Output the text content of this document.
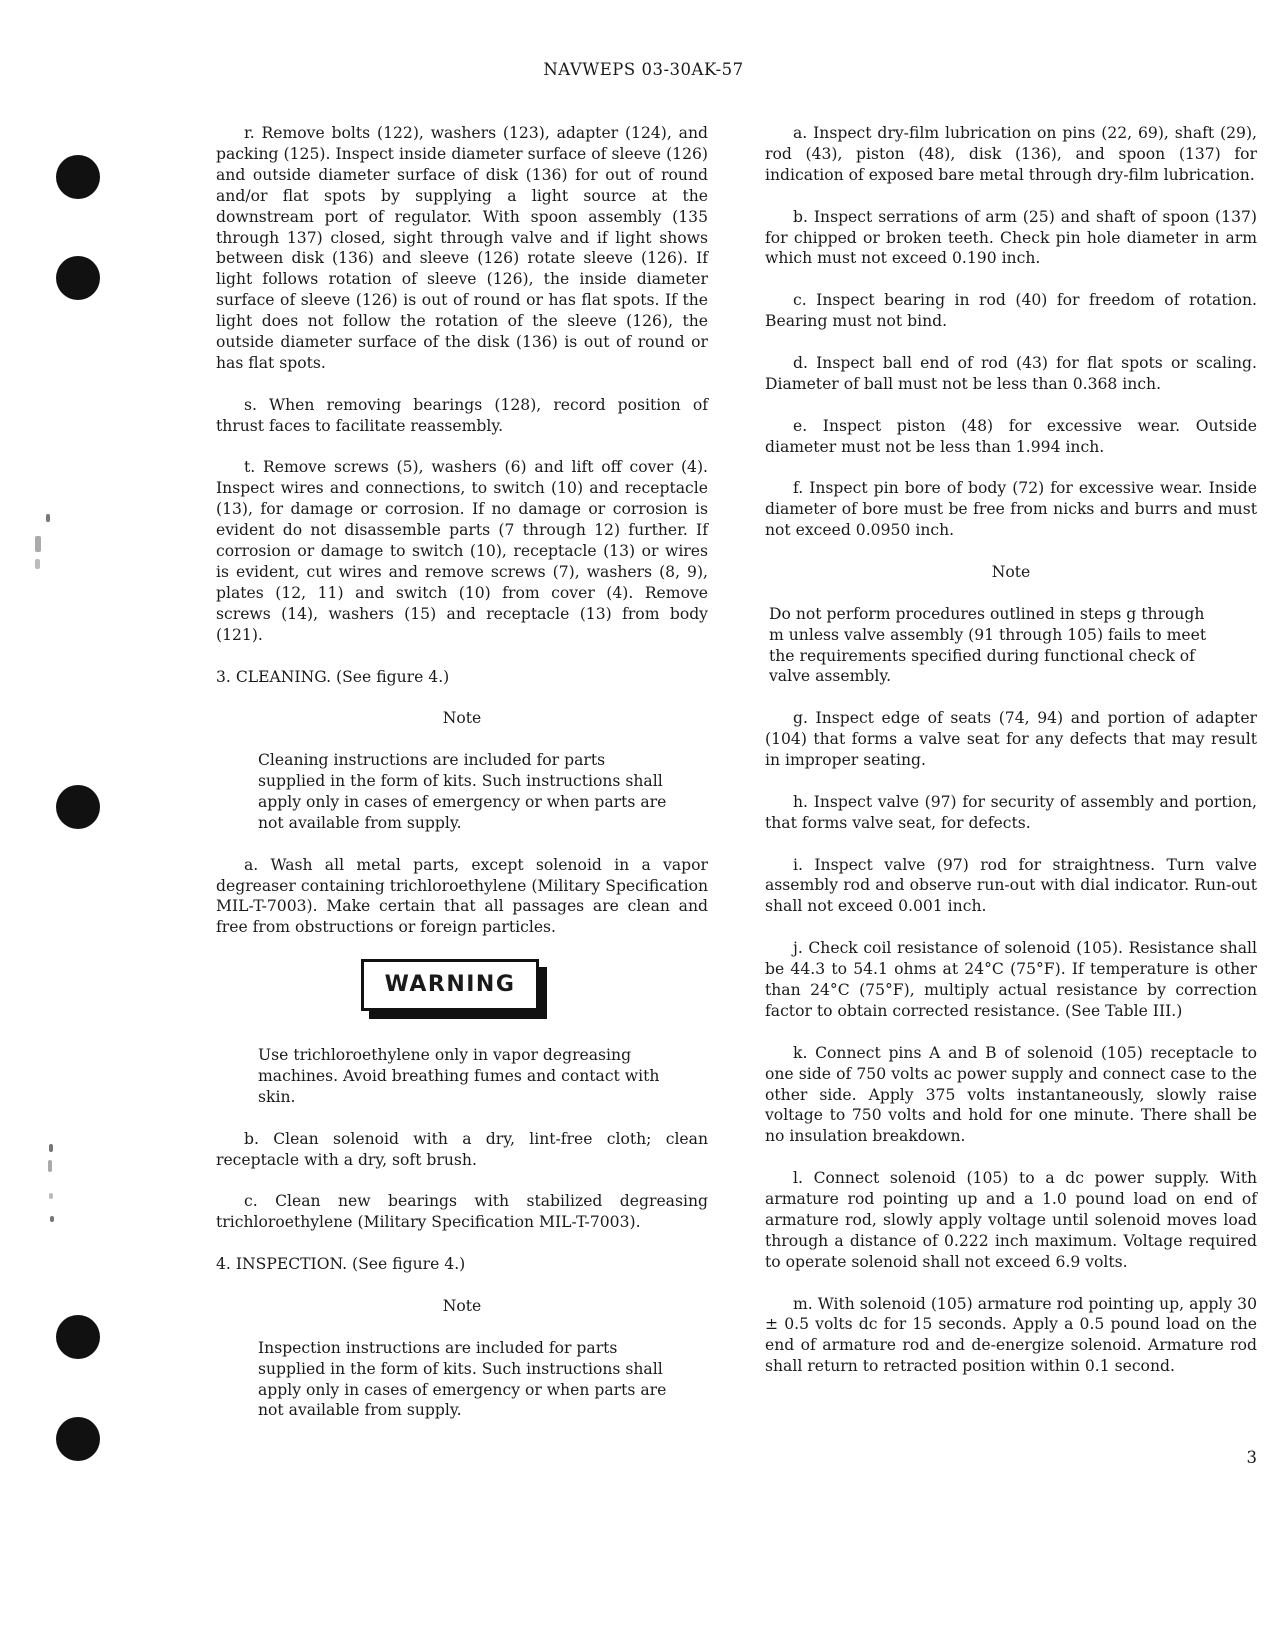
NAVWEPS 03-30AK-57

r. Remove bolts (122), washers (123), adapter (124), and packing (125). Inspect inside diameter surface of sleeve (126) and outside diameter surface of disk (136) for out of round and/or flat spots by supplying a light source at the downstream port of regulator. With spoon assembly (135 through 137) closed, sight through valve and if light shows between disk (136) and sleeve (126) rotate sleeve (126). If light follows rotation of sleeve (126), the inside diameter surface of sleeve (126) is out of round or has flat spots. If the light does not follow the rotation of the sleeve (126), the outside diameter surface of the disk (136) is out of round or has flat spots.

s. When removing bearings (128), record position of thrust faces to facilitate reassembly.

t. Remove screws (5), washers (6) and lift off cover (4). Inspect wires and connections, to switch (10) and receptacle (13), for damage or corrosion. If no damage or corrosion is evident do not disassemble parts (7 through 12) further. If corrosion or damage to switch (10), receptacle (13) or wires is evident, cut wires and remove screws (7), washers (8, 9), plates (12, 11) and switch (10) from cover (4). Remove screws (14), washers (15) and receptacle (13) from body (121).

3. CLEANING. (See figure 4.)

Note

Cleaning instructions are included for parts supplied in the form of kits. Such instructions shall apply only in cases of emergency or when parts are not available from supply.

a. Wash all metal parts, except solenoid in a vapor degreaser containing trichloroethylene (Military Specification MIL-T-7003). Make certain that all passages are clean and free from obstructions or foreign particles.

WARNING

Use trichloroethylene only in vapor degreasing machines. Avoid breathing fumes and contact with skin.

b. Clean solenoid with a dry, lint-free cloth; clean receptacle with a dry, soft brush.

c. Clean new bearings with stabilized degreasing trichloroethylene (Military Specification MIL-T-7003).

4. INSPECTION. (See figure 4.)

Note

Inspection instructions are included for parts supplied in the form of kits. Such instructions shall apply only in cases of emergency or when parts are not available from supply.

a. Inspect dry-film lubrication on pins (22, 69), shaft (29), rod (43), piston (48), disk (136), and spoon (137) for indication of exposed bare metal through dry-film lubrication.

b. Inspect serrations of arm (25) and shaft of spoon (137) for chipped or broken teeth. Check pin hole diameter in arm which must not exceed 0.190 inch.

c. Inspect bearing in rod (40) for freedom of rotation. Bearing must not bind.

d. Inspect ball end of rod (43) for flat spots or scaling. Diameter of ball must not be less than 0.368 inch.

e. Inspect piston (48) for excessive wear. Outside diameter must not be less than 1.994 inch.

f. Inspect pin bore of body (72) for excessive wear. Inside diameter of bore must be free from nicks and burrs and must not exceed 0.0950 inch.

Note

Do not perform procedures outlined in steps g through m unless valve assembly (91 through 105) fails to meet the requirements specified during functional check of valve assembly.

g. Inspect edge of seats (74, 94) and portion of adapter (104) that forms a valve seat for any defects that may result in improper seating.

h. Inspect valve (97) for security of assembly and portion, that forms valve seat, for defects.

i. Inspect valve (97) rod for straightness. Turn valve assembly rod and observe run-out with dial indicator. Run-out shall not exceed 0.001 inch.

j. Check coil resistance of solenoid (105). Resistance shall be 44.3 to 54.1 ohms at 24°C (75°F). If temperature is other than 24°C (75°F), multiply actual resistance by correction factor to obtain corrected resistance. (See Table III.)

k. Connect pins A and B of solenoid (105) receptacle to one side of 750 volts ac power supply and connect case to the other side. Apply 375 volts instantaneously, slowly raise voltage to 750 volts and hold for one minute. There shall be no insulation breakdown.

l. Connect solenoid (105) to a dc power supply. With armature rod pointing up and a 1.0 pound load on end of armature rod, slowly apply voltage until solenoid moves load through a distance of 0.222 inch maximum. Voltage required to operate solenoid shall not exceed 6.9 volts.

m. With solenoid (105) armature rod pointing up, apply 30 ± 0.5 volts dc for 15 seconds. Apply a 0.5 pound load on the end of armature rod and de-energize solenoid. Armature rod shall return to retracted position within 0.1 second.

3
